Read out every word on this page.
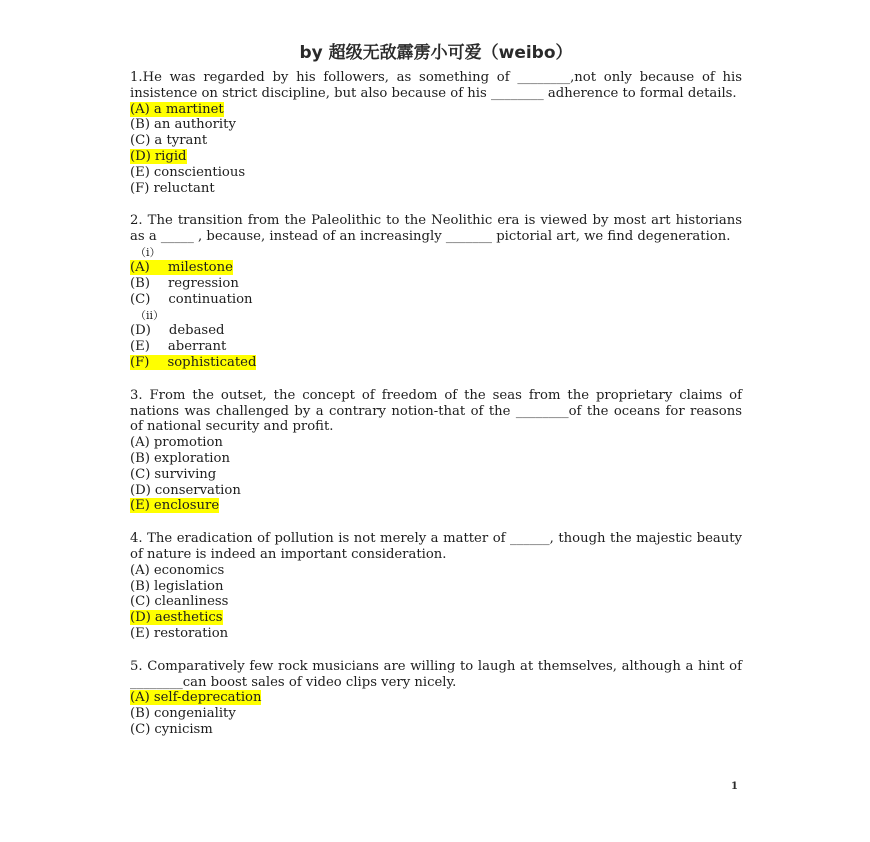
by 超级无敌霹雳小可爱（weibo）
1.He was regarded by his followers, as something of ________,not only because of his insistence on strict discipline, but also because of his ________ adherence to formal details.
(A) a martinet
(B) an authority
(C) a tyrant
(D) rigid
(E) conscientious
(F) reluctant
2. The transition from the Paleolithic to the Neolithic era is viewed by most art historians as a _____ , because, instead of an increasingly _______ pictorial art, we find degeneration.
（i）
(A) milestone
(B) regression
(C) continuation
（ii）
(D) debased
(E) aberrant
(F) sophisticated
3. From the outset, the concept of freedom of the seas from the proprietary claims of nations was challenged by a contrary notion-that of the ________of the oceans for reasons of national security and profit.
(A) promotion
(B) exploration
(C) surviving
(D) conservation
(E) enclosure
4. The eradication of pollution is not merely a matter of ______, though the majestic beauty of nature is indeed an important consideration.
(A) economics
(B) legislation
(C) cleanliness
(D) aesthetics
(E) restoration
5. Comparatively few rock musicians are willing to laugh at themselves, although a hint of ________can boost sales of video clips very nicely.
(A) self-deprecation
(B) congeniality
(C) cynicism
1
